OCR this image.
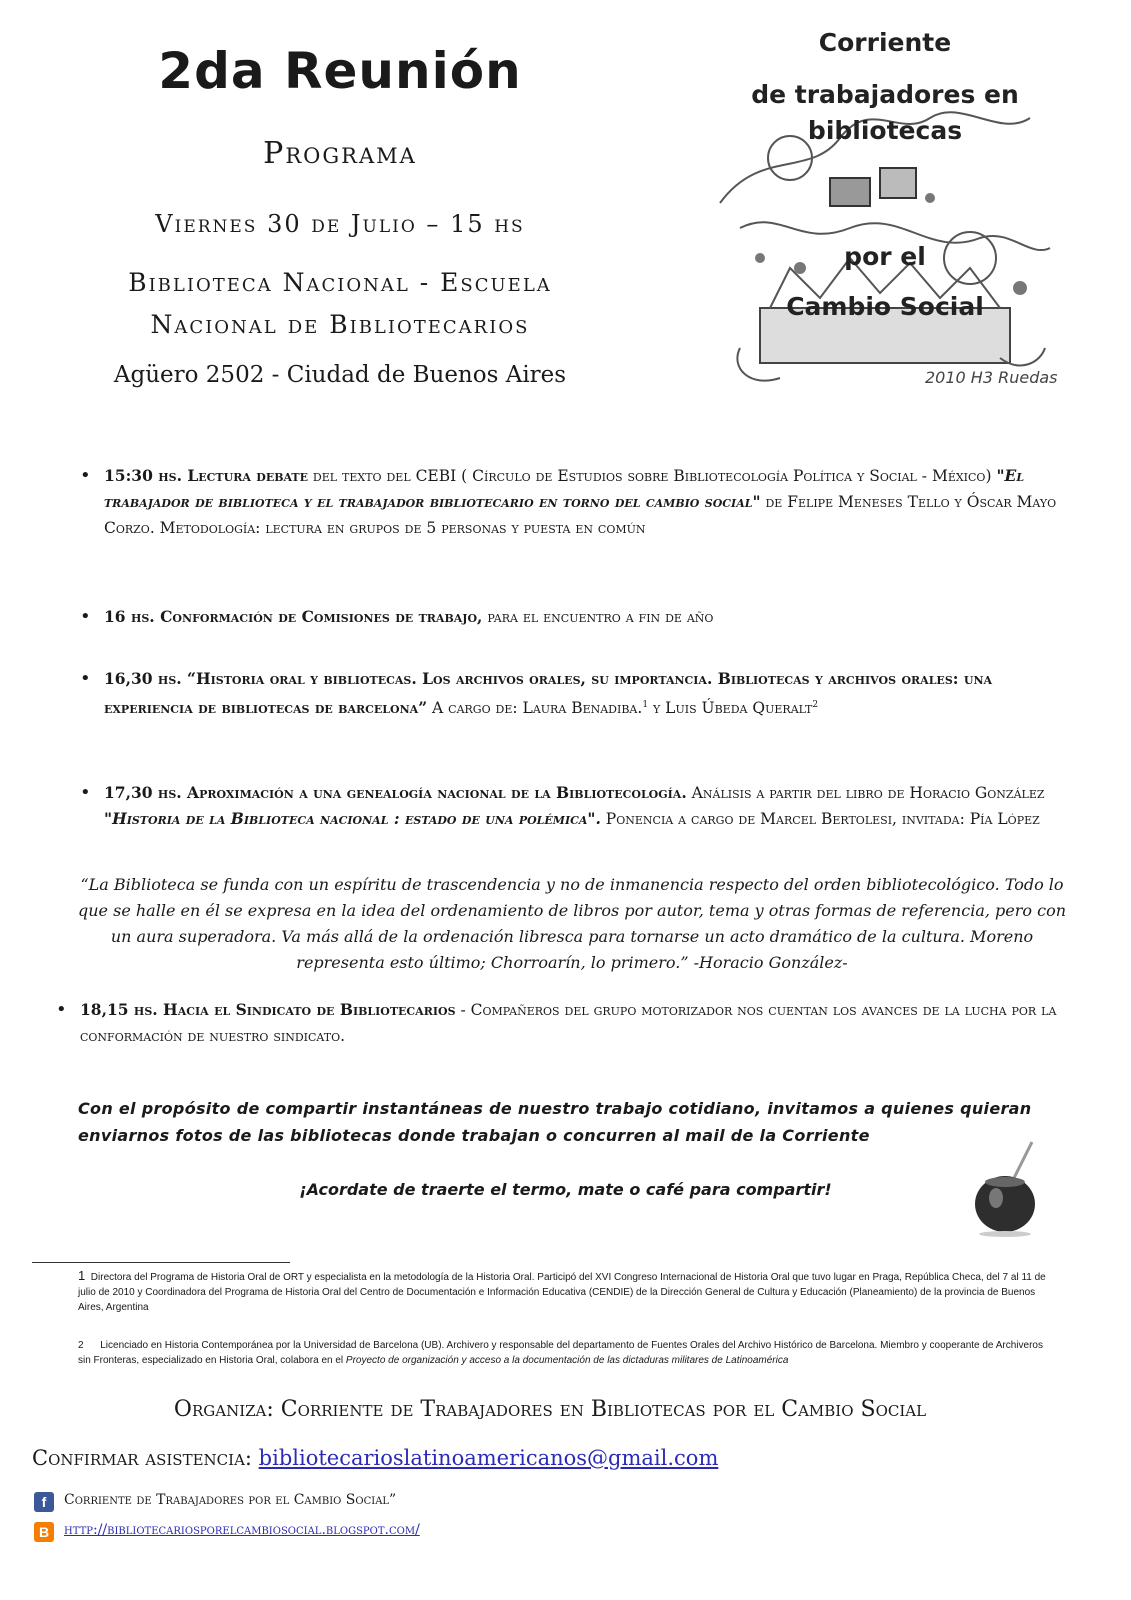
2da Reunión
Programa
Viernes 30 de Julio – 15 hs
Biblioteca Nacional - Escuela
Nacional de Bibliotecarios
Agüero 2502 - Ciudad de Buenos Aires
Corriente
de trabajadores en
bibliotecas
por el
Cambio Social
2010 H3 Ruedas
• 15:30 hs. Lectura debate del texto del CEBI ( Círculo de Estudios sobre Bibliotecología Política y Social - México) "El trabajador de biblioteca y el trabajador bibliotecario en torno del cambio social" de Felipe Meneses Tello y Óscar Mayo Corzo. Metodología: lectura en grupos de 5 personas y puesta en común
• 16 hs. Conformación de Comisiones de trabajo, para el encuentro a fin de año
• 16,30 hs. “Historia oral y bibliotecas. Los archivos orales, su importancia. Bibliotecas y archivos orales: una experiencia de bibliotecas de barcelona” A cargo de: Laura Benadiba.$^1$ y Luis Úbeda Queralt$^2$
• 17,30 hs. Aproximación a una genealogía nacional de la Bibliotecología. Análisis a partir del libro de Horacio González "Historia de la Biblioteca nacional : estado de una polémica". Ponencia a cargo de Marcel Bertolesi, invitada: Pía López
“La Biblioteca se funda con un espíritu de trascendencia y no de inmanencia respecto del orden bibliotecológico. Todo lo que se halle en él se expresa en la idea del ordenamiento de libros por autor, tema y otras formas de referencia, pero con un aura superadora. Va más allá de la ordenación libresca para tornarse un acto dramático de la cultura. Moreno representa esto último; Chorroarín, lo primero.” -Horacio González-
• 18,15 hs. Hacia el Sindicato de Bibliotecarios - Compañeros del grupo motorizador nos cuentan los avances de la lucha por la conformación de nuestro sindicato.
Con el propósito de compartir instantáneas de nuestro trabajo cotidiano, invitamos a quienes quieran enviarnos fotos de las bibliotecas donde trabajan o concurren al mail de la Corriente
¡Acordate de traerte el termo, mate o café para compartir!
1 Directora del Programa de Historia Oral de ORT y especialista en la metodología de la Historia Oral. Participó del XVI Congreso Internacional de Historia Oral que tuvo lugar en Praga, República Checa, del 7 al 11 de julio de 2010 y Coordinadora del Programa de Historia Oral del Centro de Documentación e Información Educativa (CENDIE) de la Dirección General de Cultura y Educación (Planeamiento) de la provincia de Buenos Aires, Argentina
2 Licenciado en Historia Contemporánea por la Universidad de Barcelona (UB). Archivero y responsable del departamento de Fuentes Orales del Archivo Histórico de Barcelona. Miembro y cooperante de Archiveros sin Fronteras, especializado en Historia Oral, colabora en el Proyecto de organización y acceso a la documentación de las dictaduras militares de Latinoamérica
Organiza: Corriente de Trabajadores en Bibliotecas por el Cambio Social
Confirmar asistencia: bibliotecarioslatinoamericanos@gmail.com
f	Corriente de Trabajadores por el Cambio Social”
B	http://bibliotecariosporelcambiosocial.blogspot.com/
